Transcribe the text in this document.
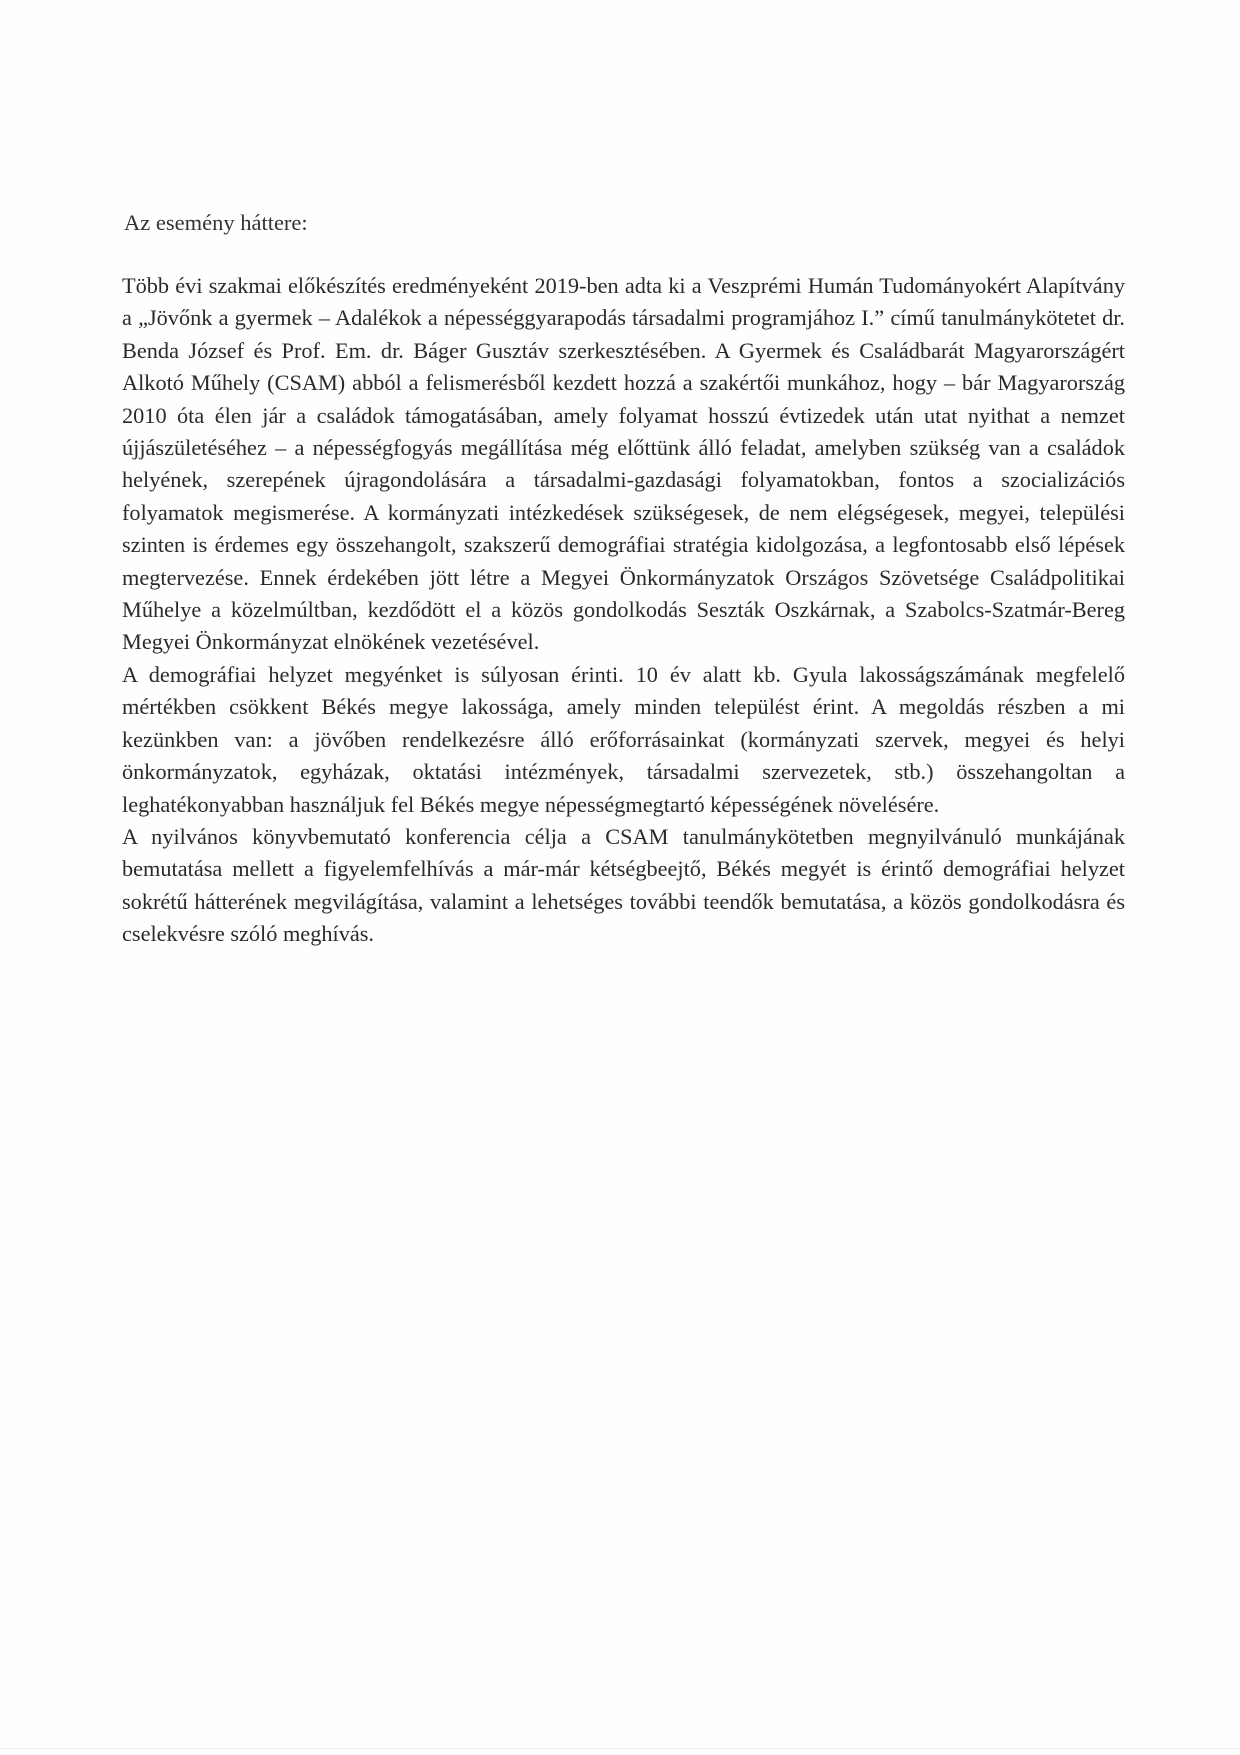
Az esemény háttere:

Több évi szakmai előkészítés eredményeként 2019-ben adta ki a Veszprémi Humán Tudományokért Alapítvány a „Jövőnk a gyermek – Adalékok a népességgyarapodás társadalmi programjához I.” című tanulmánykötetet dr. Benda József és Prof. Em. dr. Báger Gusztáv szerkesztésében. A Gyermek és Családbarát Magyarországért Alkotó Műhely (CSAM) abból a felismerésből kezdett hozzá a szakértői munkához, hogy – bár Magyarország 2010 óta élen jár a családok támogatásában, amely folyamat hosszú évtizedek után utat nyithat a nemzet újjászületéséhez – a népességfogyás megállítása még előttünk álló feladat, amelyben szükség van a családok helyének, szerepének újragondolására a társadalmi-gazdasági folyamatokban, fontos a szocializációs folyamatok megismerése. A kormányzati intézkedések szükségesek, de nem elégségesek, megyei, települési szinten is érdemes egy összehangolt, szakszerű demográfiai stratégia kidolgozása, a legfontosabb első lépések megtervezése. Ennek érdekében jött létre a Megyei Önkormányzatok Országos Szövetsége Családpolitikai Műhelye a közelmúltban, kezdődött el a közös gondolkodás Seszták Oszkárnak, a Szabolcs-Szatmár-Bereg Megyei Önkormányzat elnökének vezetésével.

A demográfiai helyzet megyénket is súlyosan érinti. 10 év alatt kb. Gyula lakosságszámának megfelelő mértékben csökkent Békés megye lakossága, amely minden települést érint. A megoldás részben a mi kezünkben van: a jövőben rendelkezésre álló erőforrásainkat (kormányzati szervek, megyei és helyi önkormányzatok, egyházak, oktatási intézmények, társadalmi szervezetek, stb.) összehangoltan a leghatékonyabban használjuk fel Békés megye népességmegtartó képességének növelésére.

A nyilvános könyvbemutató konferencia célja a CSAM tanulmánykötetben megnyilvánuló munkájának bemutatása mellett a figyelemfelhívás a már-már kétségbeejtő, Békés megyét is érintő demográfiai helyzet sokrétű hátterének megvilágítása, valamint a lehetséges további teendők bemutatása, a közös gondolkodásra és cselekvésre szóló meghívás.
